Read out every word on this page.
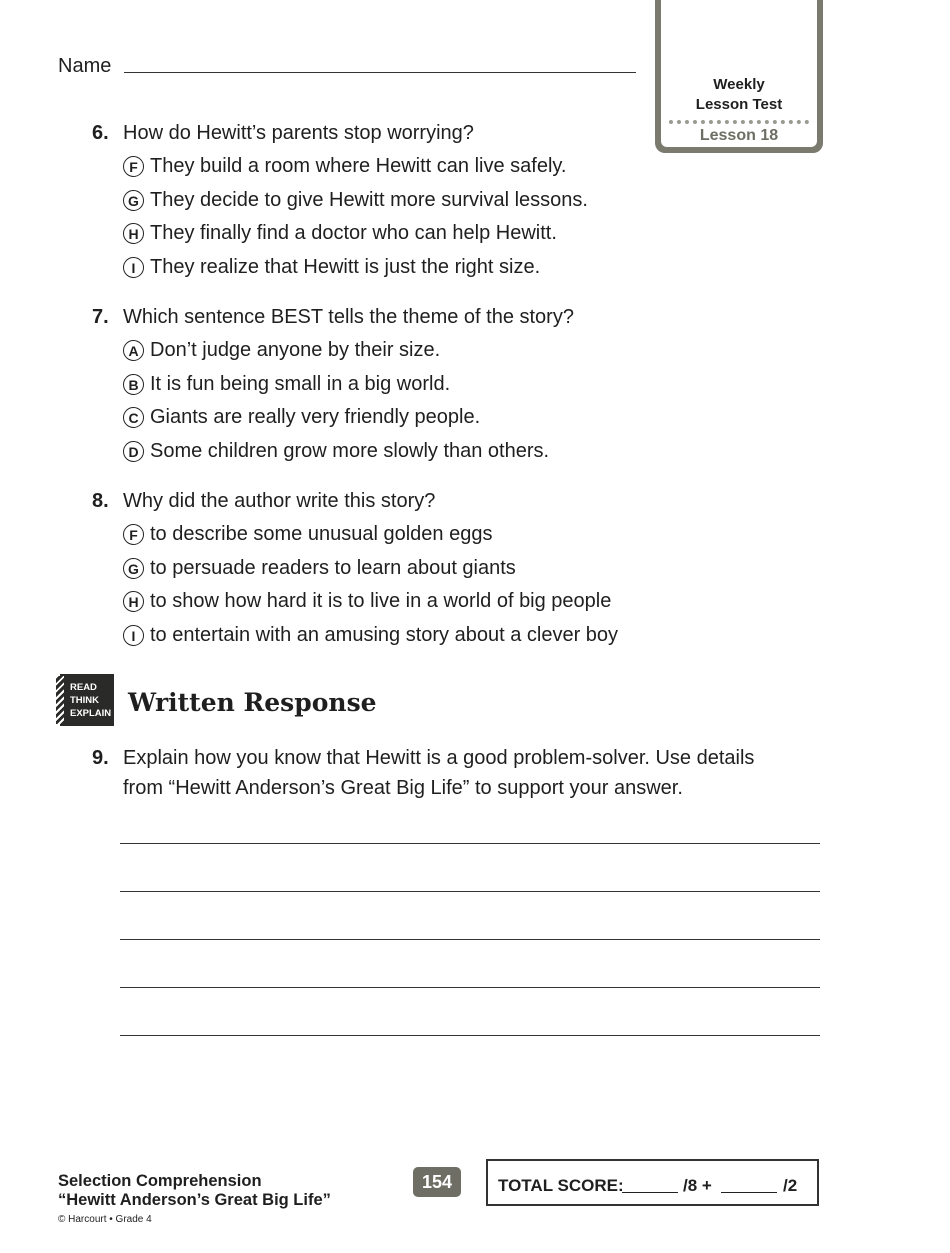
Name
Weekly
Lesson Test
Lesson 18
6. How do Hewitt’s parents stop worrying?
F They build a room where Hewitt can live safely.
G They decide to give Hewitt more survival lessons.
H They finally find a doctor who can help Hewitt.
I They realize that Hewitt is just the right size.
7. Which sentence BEST tells the theme of the story?
A Don’t judge anyone by their size.
B It is fun being small in a big world.
C Giants are really very friendly people.
D Some children grow more slowly than others.
8. Why did the author write this story?
F to describe some unusual golden eggs
G to persuade readers to learn about giants
H to show how hard it is to live in a world of big people
I to entertain with an amusing story about a clever boy
READ
THINK
EXPLAIN Written Response
9. Explain how you know that Hewitt is a good problem-solver. Use details
from “Hewitt Anderson’s Great Big Life” to support your answer.
Selection Comprehension
“Hewitt Anderson’s Great Big Life”
© Harcourt • Grade 4
154	TOTAL SCORE:	/8 +	/2
